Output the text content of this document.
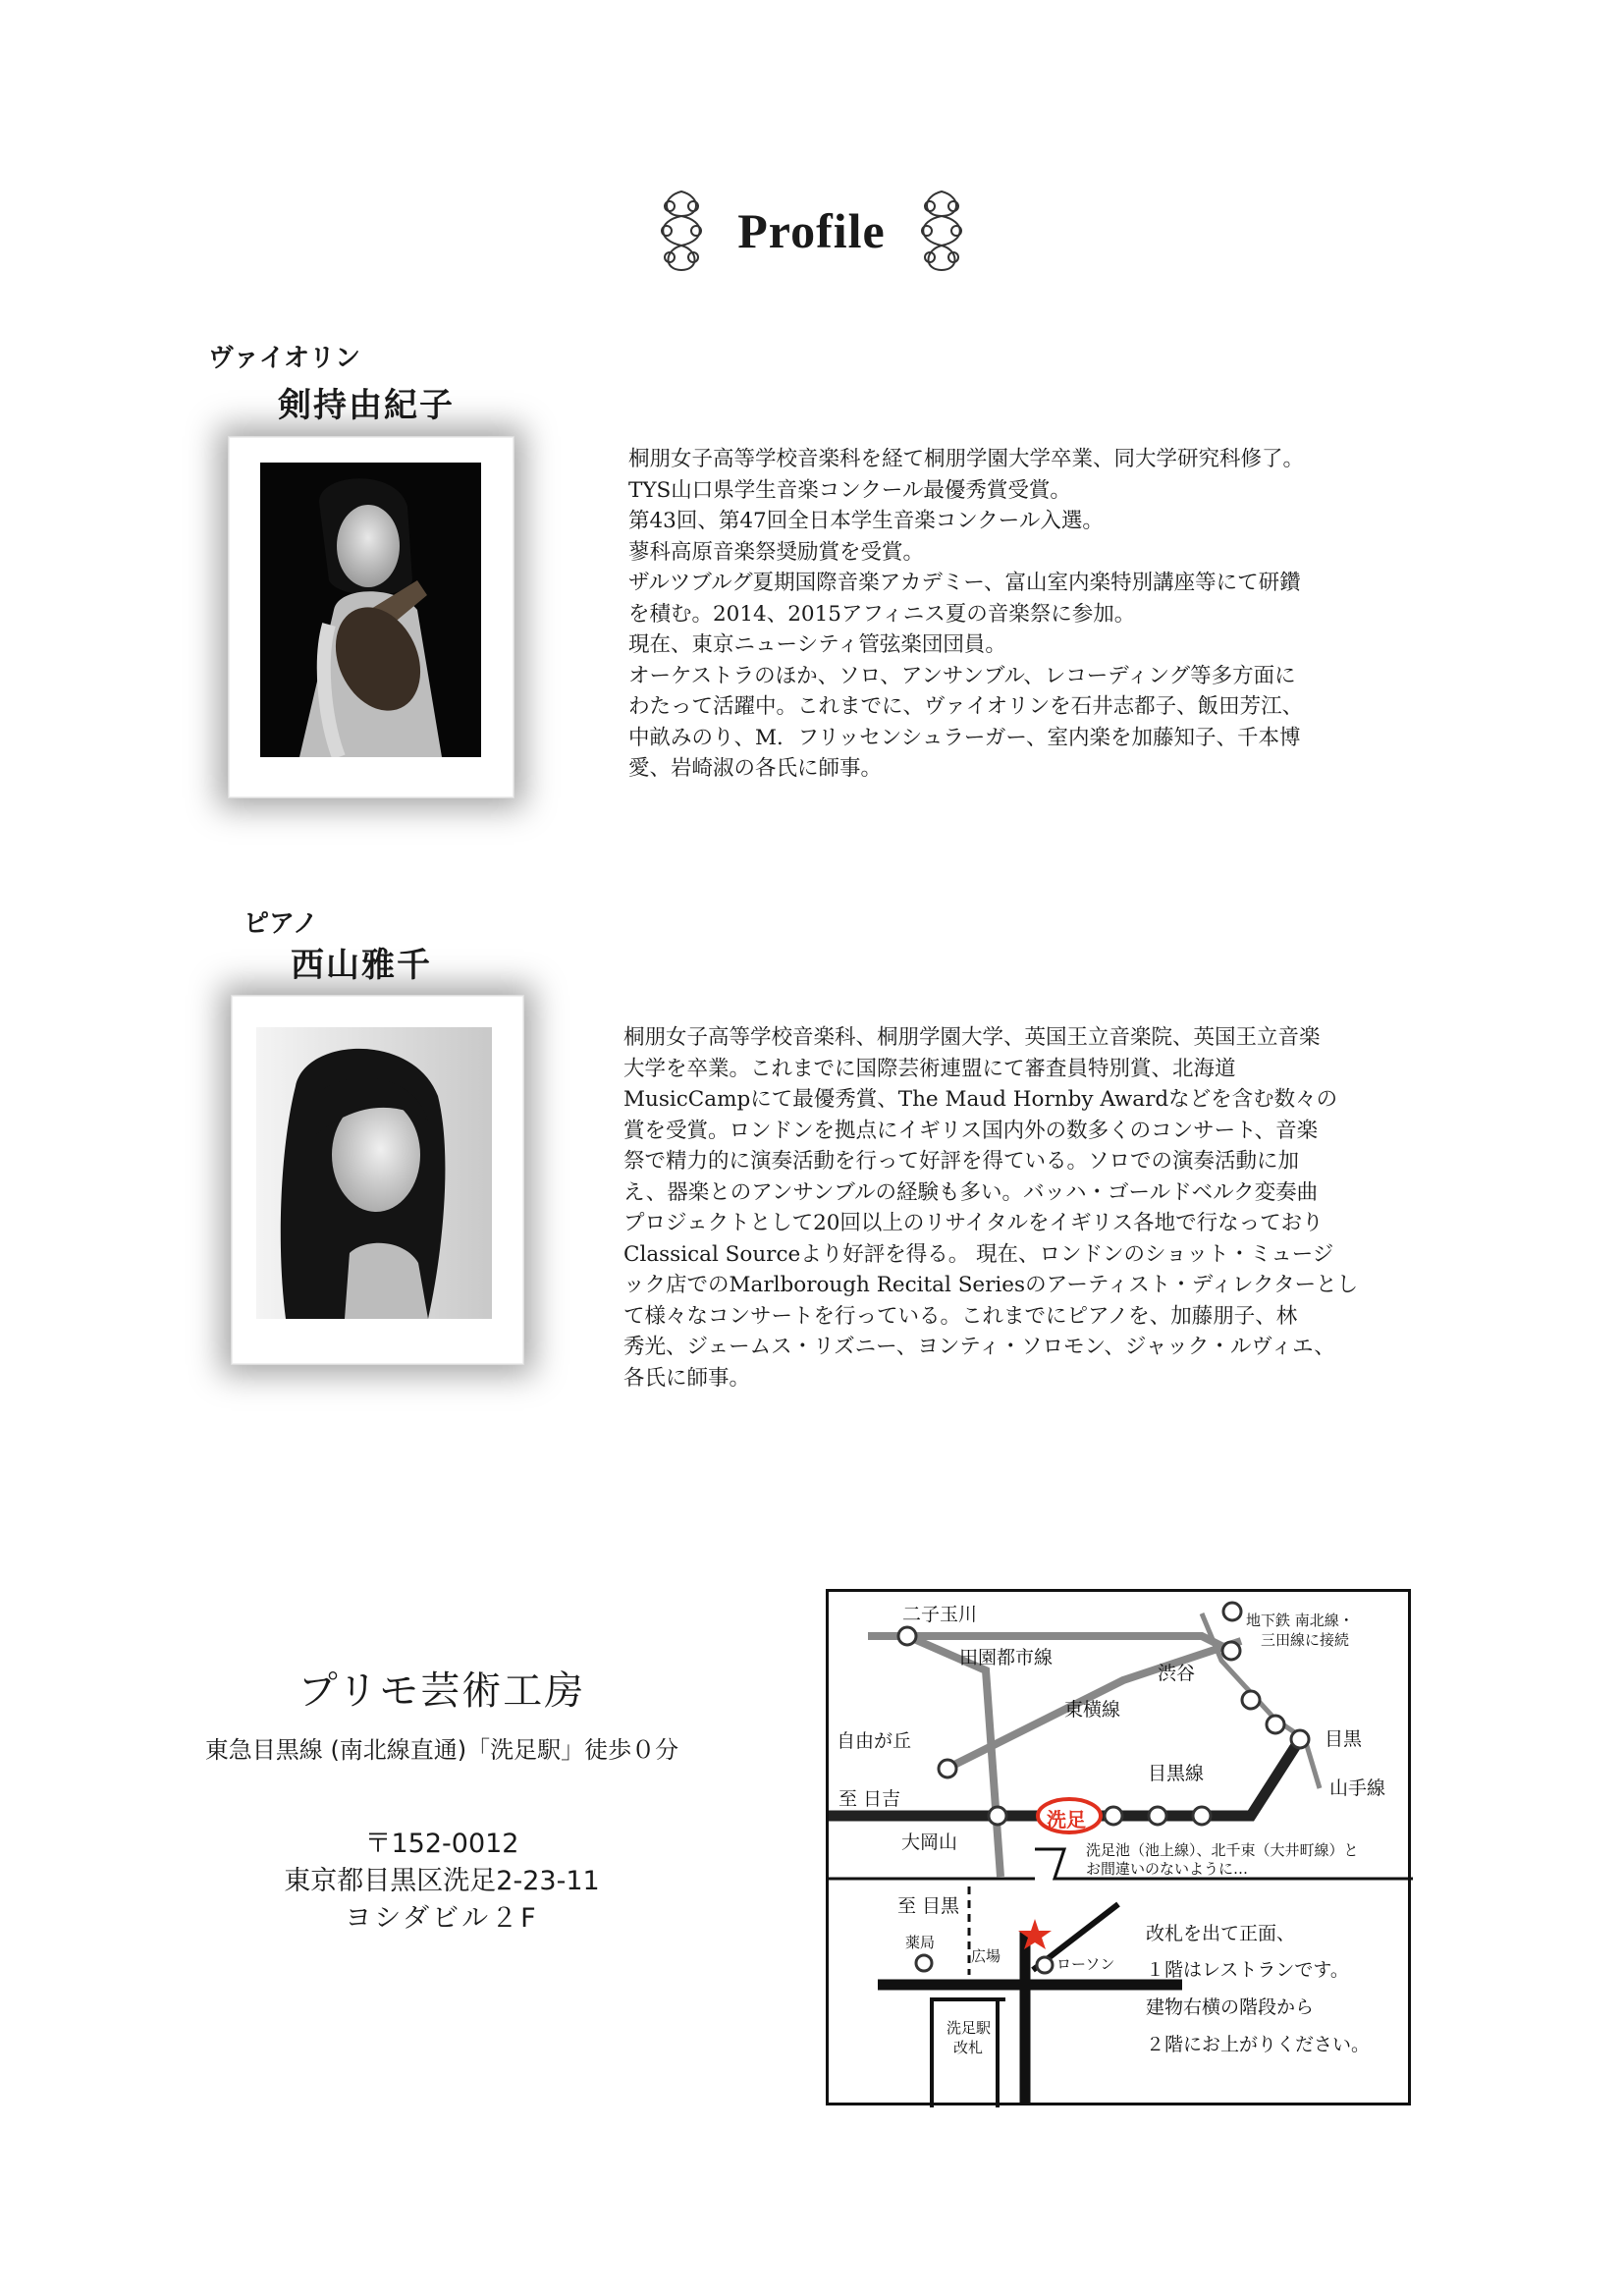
Profile
ヴァイオリン
剣持由紀子
桐朋女子高等学校音楽科を経て桐朋学園大学卒業、同大学研究科修了。
TYS山口県学生音楽コンクール最優秀賞受賞。
第43回、第47回全日本学生音楽コンクール入選。
蓼科高原音楽祭奨励賞を受賞。
ザルツブルグ夏期国際音楽アカデミー、富山室内楽特別講座等にて研鑽
を積む。2014、2015アフィニス夏の音楽祭に参加。
現在、東京ニューシティ管弦楽団団員。
オーケストラのほか、ソロ、アンサンブル、レコーディング等多方面に
わたって活躍中。これまでに、ヴァイオリンを石井志都子、飯田芳江、
中畝みのり、M．フリッセンシュラーガー、室内楽を加藤知子、千本博
愛、岩崎淑の各氏に師事。
ピアノ
西山雅千
桐朋女子高等学校音楽科、桐朋学園大学、英国王立音楽院、英国王立音楽
大学を卒業。これまでに国際芸術連盟にて審査員特別賞、北海道
MusicCampにて最優秀賞、The Maud Hornby Awardなどを含む数々の
賞を受賞。ロンドンを拠点にイギリス国内外の数多くのコンサート、音楽
祭で精力的に演奏活動を行って好評を得ている。ソロでの演奏活動に加
え、器楽とのアンサンブルの経験も多い。バッハ・ゴールドベルク変奏曲
プロジェクトとして20回以上のリサイタルをイギリス各地で行なっており
Classical Sourceより好評を得る。 現在、ロンドンのショット・ミュージ
ック店でのMarlborough Recital Seriesのアーティスト・ディレクターとし
て様々なコンサートを行っている。これまでにピアノを、加藤朋子、林
秀光、ジェームス・リズニー、ヨンティ・ソロモン、ジャック・ルヴィエ、
各氏に師事。
プリモ芸術工房
東急目黒線 (南北線直通)「洗足駅」徒歩０分
〒152-0012
東京都目黒区洗足2-23-11
ヨシダビル２F
二子玉川
田園都市線
渋谷
地下鉄 南北線・
三田線に接続
東横線
自由が丘	目黒
目黒線
山手線
至 日吉
洗足
大岡山	洗足池（池上線）、北千束（大井町線）と
お間違いのないように…
至 目黒
薬局
広場	ローソン
洗足駅
改札
改札を出て正面、
１階はレストランです。
建物右横の階段から
２階にお上がりください。
